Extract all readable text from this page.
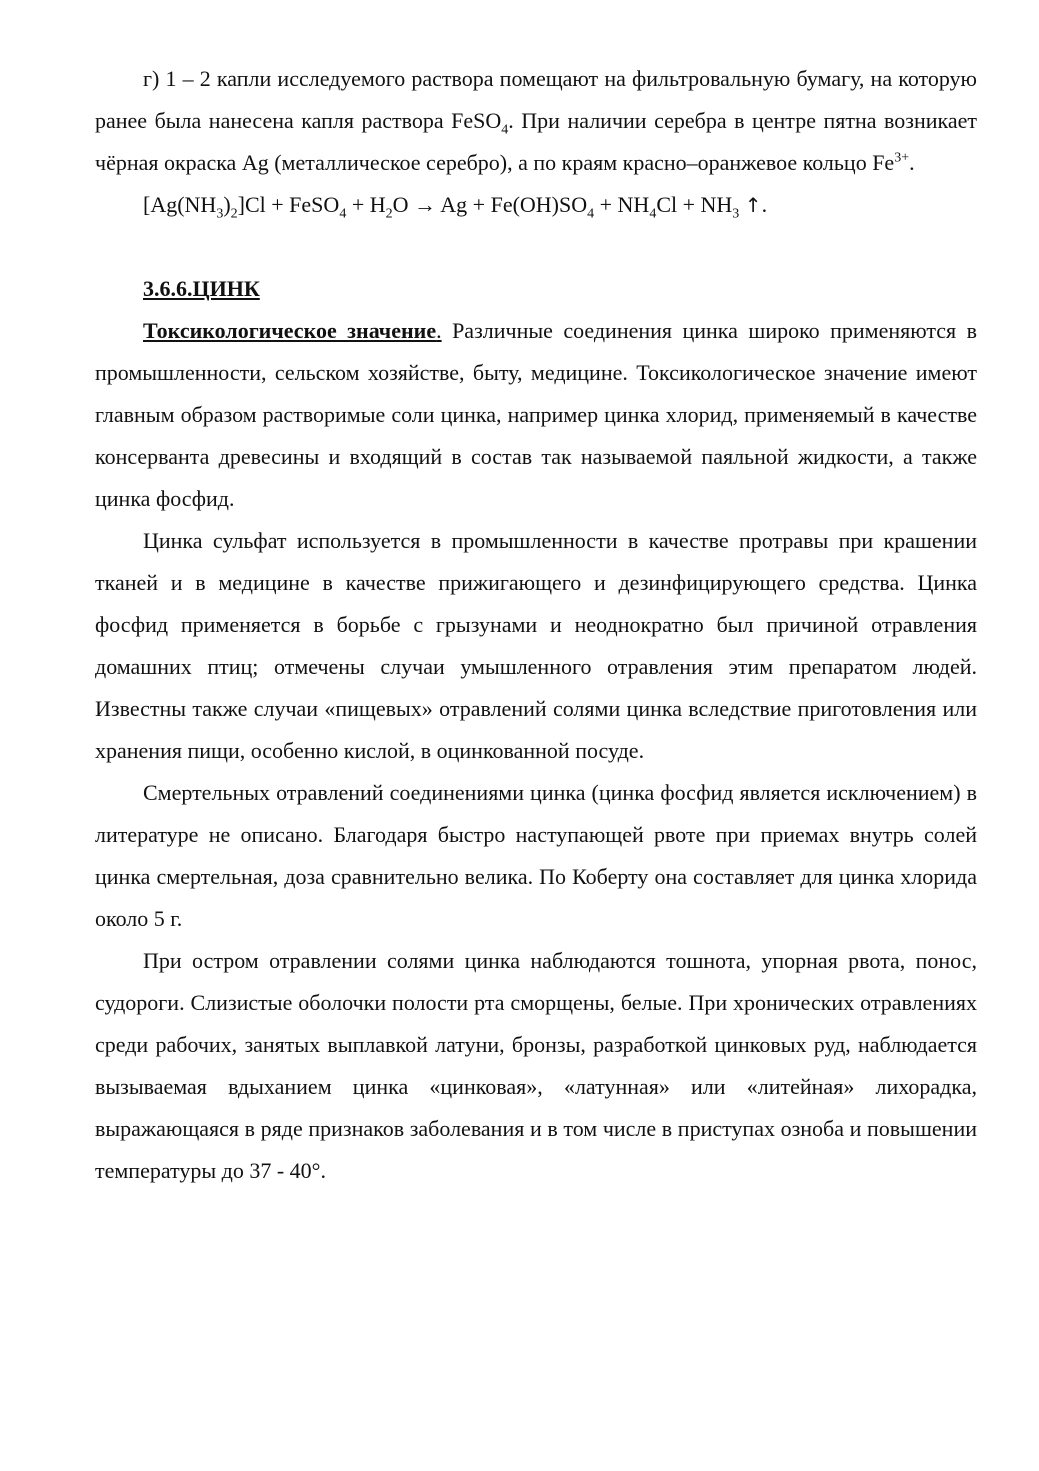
г) 1 – 2 капли исследуемого раствора помещают на фильтровальную бумагу, на которую ранее была нанесена капля раствора FeSO$_4$. При наличии серебра в центре пятна возникает чёрная окраска Ag (металлическое серебро), а по краям красно–оранжевое кольцо $Fe^{3+}$.

$[Ag(NH_3)_2]Cl$ + FeSO$_4$ + $H_2O \to Ag + Fe(OH)SO_4 + NH_4Cl + NH_3$ ↑.
3.6.6.ЦИНК

Токсикологическое значение. Различные соединения цинка широко применяются в промышленности, сельском хозяйстве, быту, медицине. Токсикологическое значение имеют главным образом растворимые соли цинка, например цинка хлорид, применяемый в качестве консерванта древесины и входящий в состав так называемой паяльной жидкости, а также цинка фосфид.

Цинка сульфат используется в промышленности в качестве протравы при крашении тканей и в медицине в качестве прижигающего и дезинфицирующего средства. Цинка фосфид применяется в борьбе с грызунами и неоднократно был причиной отравления домашних птиц; отмечены случаи умышленного отравления этим препаратом людей. Известны также случаи «пищевых» отравлений солями цинка вследствие приготовления или хранения пищи, особенно кислой, в оцинкованной посуде.

Смертельных отравлений соединениями цинка (цинка фосфид является исключением) в литературе не описано. Благодаря быстро наступающей рвоте при приемах внутрь солей цинка смертельная, доза сравнительно велика. По Коберту она составляет для цинка хлорида около 5 г.

При остром отравлении солями цинка наблюдаются тошнота, упорная рвота, понос, судороги. Слизистые оболочки полости рта сморщены, белые. При хронических отравлениях среди рабочих, занятых выплавкой латуни, бронзы, разработкой цинковых руд, наблюдается вызываемая вдыханием цинка «цинковая», «латунная» или «литейная» лихорадка, выражающаяся в ряде признаков заболевания и в том числе в приступах озноба и повышении температуры до 37 - 40°.
